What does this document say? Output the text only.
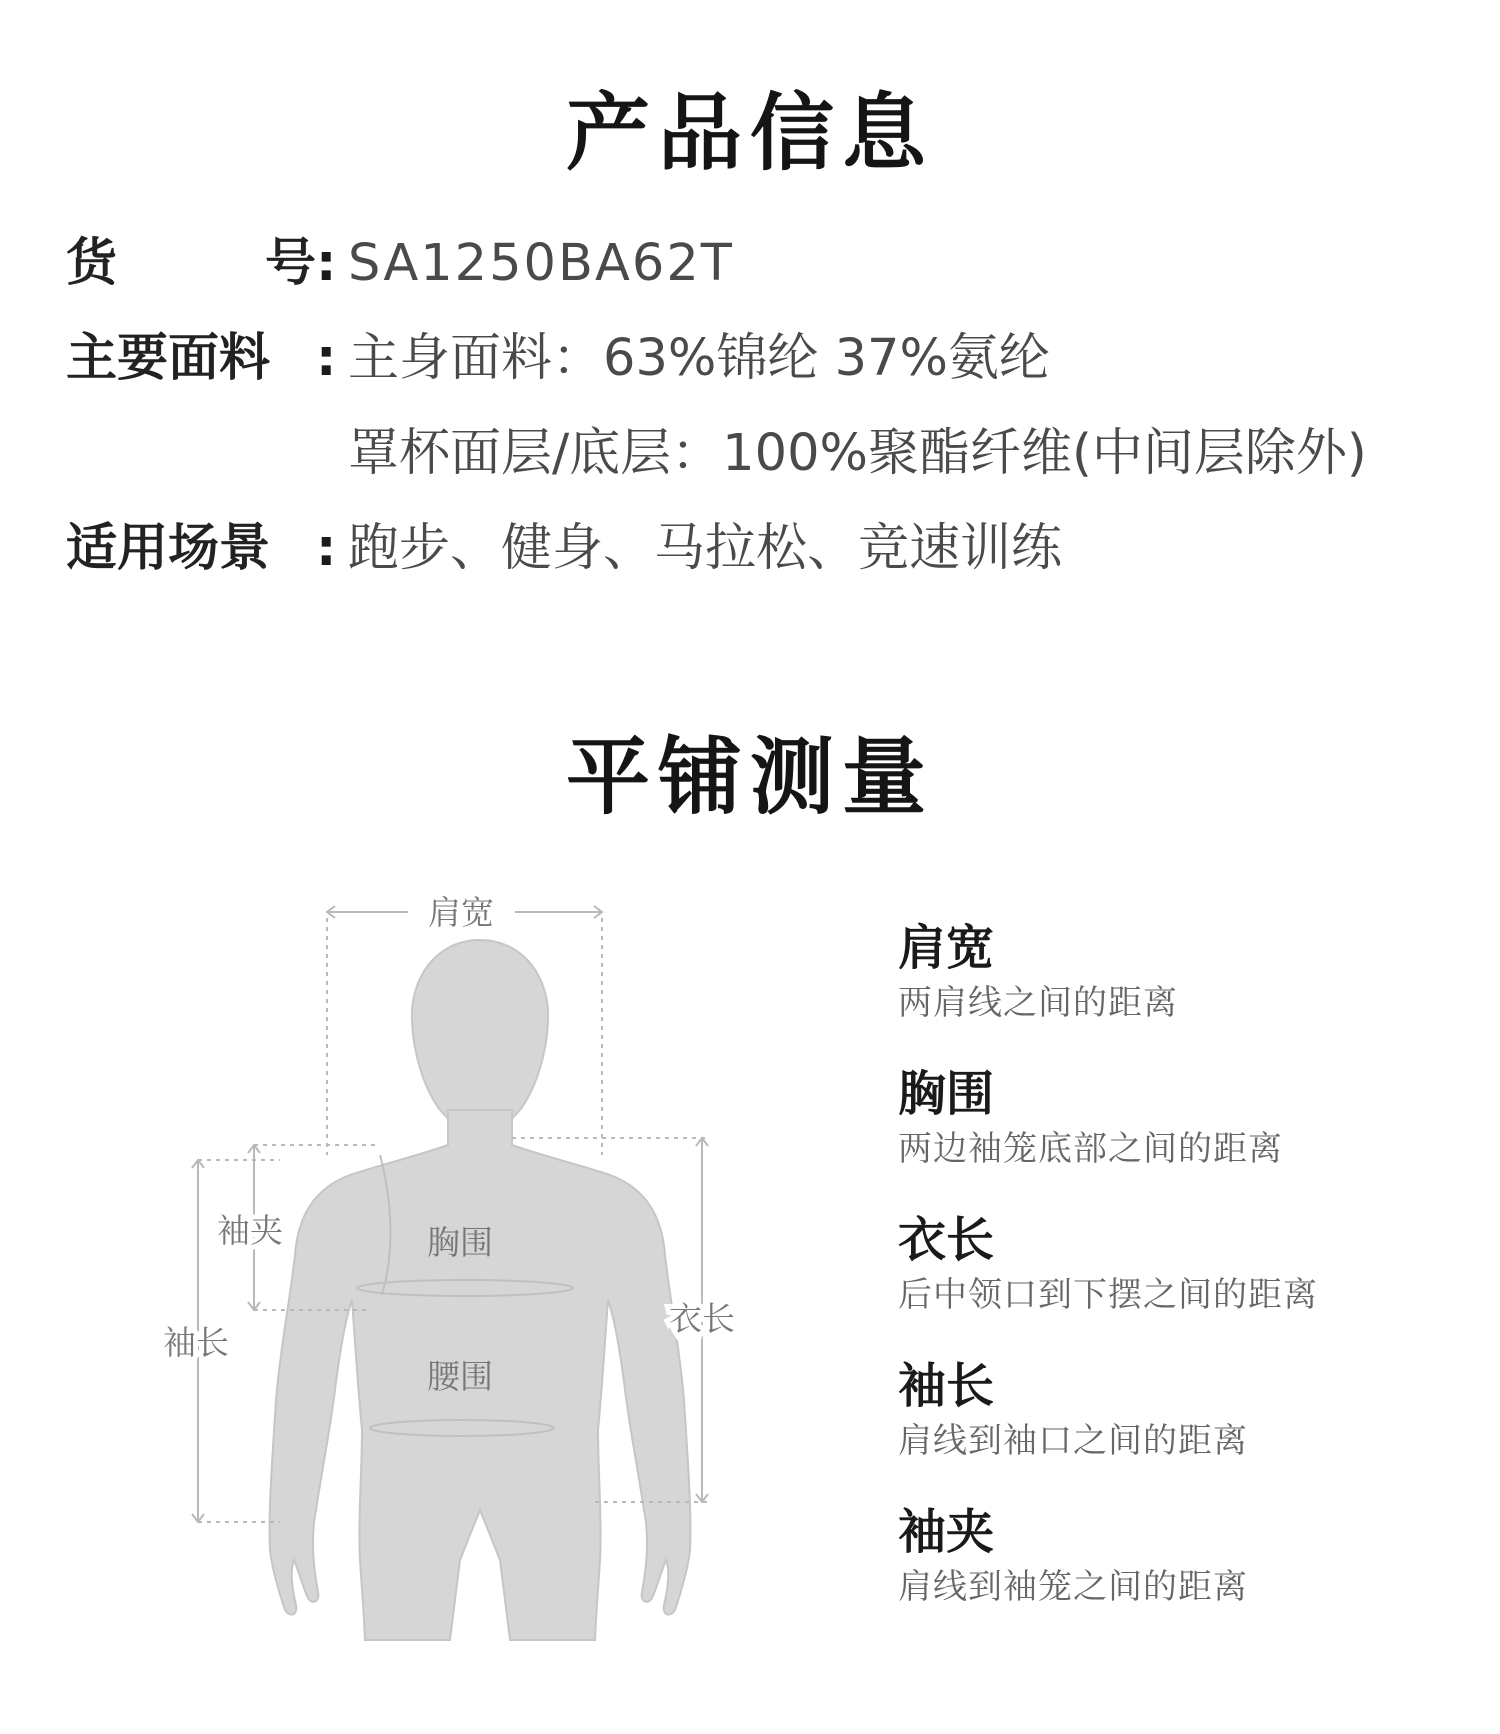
产品信息
货	号: SA1250BA62T
主要面料 : 主身面料：63%锦纶 37%氨纶
罩杯面层/底层：100%聚酯纤维(中间层除外)
适用场景 : 跑步、健身、马拉松、竞速训练
平铺测量
肩宽
胸围
腰围
袖夹
袖长
衣长
肩宽
两肩线之间的距离
胸围
两边袖笼底部之间的距离
衣长
后中领口到下摆之间的距离
袖长
肩线到袖口之间的距离
袖夹
肩线到袖笼之间的距离
